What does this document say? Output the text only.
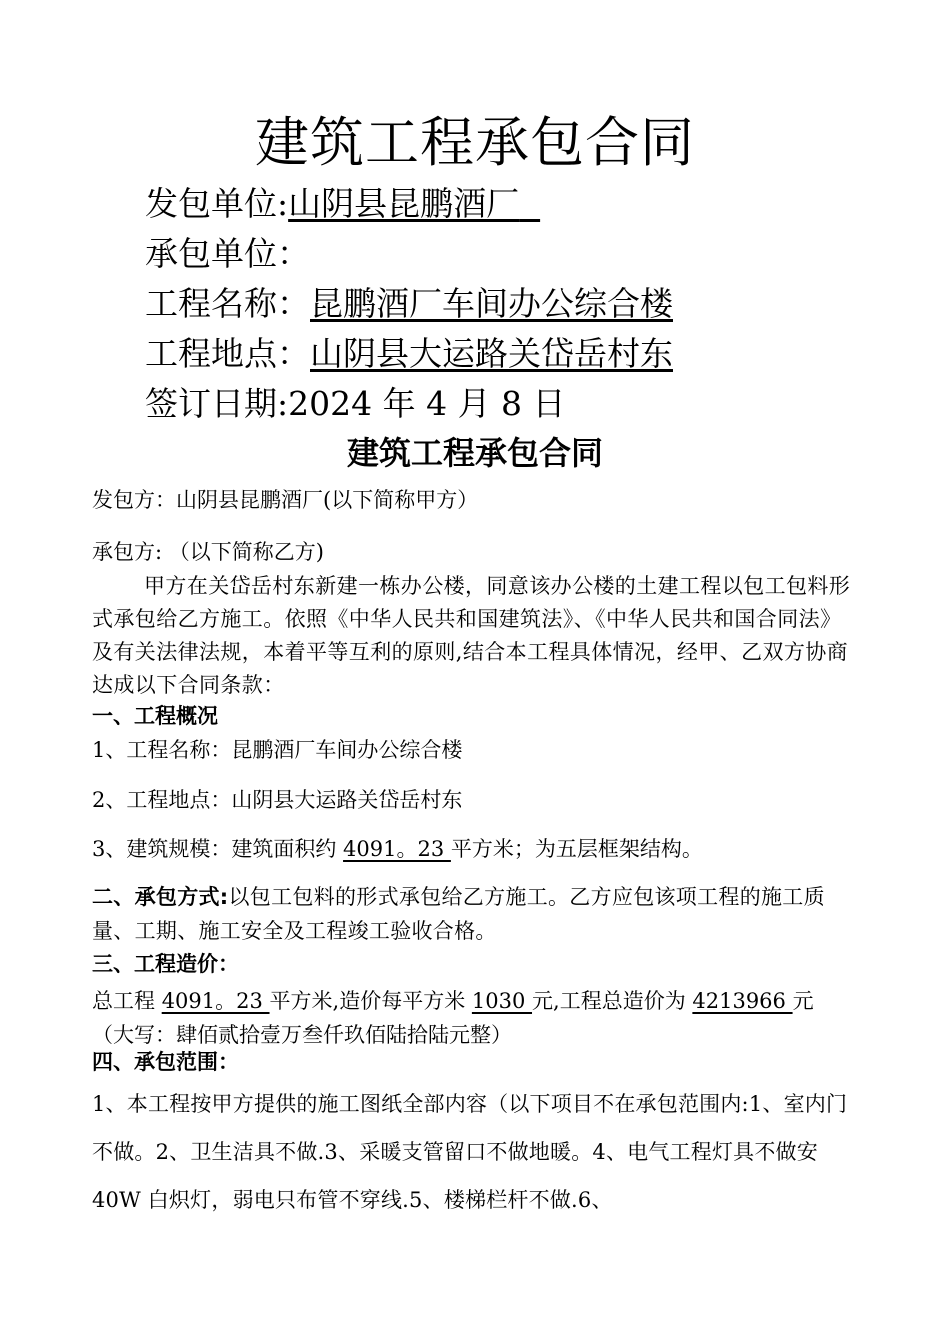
建筑工程承包合同
发包单位:山阴县昆鹏酒厂
承包单位：
工程名称：昆鹏酒厂车间办公综合楼
工程地点：山阴县大运路关岱岳村东
签订日期:2024 年 4 月 8 日
建筑工程承包合同
发包方：山阴县昆鹏酒厂(以下简称甲方）
承包方: （以下简称乙方)
甲方在关岱岳村东新建一栋办公楼，同意该办公楼的土建工程以包工包料形式承包给乙方施工。依照《中华人民共和国建筑法》、《中华人民共和国合同法》及有关法律法规，本着平等互利的原则,结合本工程具体情况，经甲、乙双方协商达成以下合同条款：
一、工程概况
1、工程名称：昆鹏酒厂车间办公综合楼
2、工程地点：山阴县大运路关岱岳村东
3、建筑规模：建筑面积约 4091。23 平方米；为五层框架结构。
二、承包方式:以包工包料的形式承包给乙方施工。乙方应包该项工程的施工质量、工期、施工安全及工程竣工验收合格。
三、工程造价：
总工程 4091。23 平方米,造价每平方米 1030 元,工程总造价为 4213966 元
（大写：肆佰贰拾壹万叁仟玖佰陆拾陆元整）
四、承包范围：
1、本工程按甲方提供的施工图纸全部内容（以下项目不在承包范围内:1、室内门不做。2、卫生洁具不做.3、采暖支管留口不做地暖。4、电气工程灯具不做安 40W 白炽灯，弱电只布管不穿线.5、楼梯栏杆不做.6、
